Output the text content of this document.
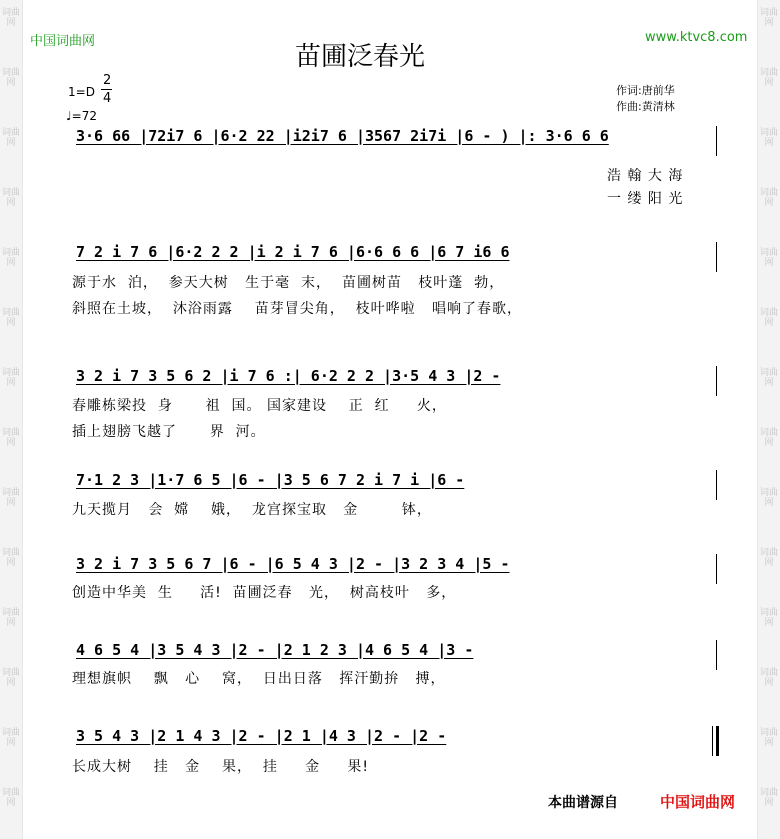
词曲网
词曲网
词曲网
词曲网
词曲网
词曲网
词曲网
词曲网
词曲网
词曲网
词曲网
词曲网
词曲网
词曲网
词曲网
词曲网
词曲网
词曲网
词曲网
词曲网
词曲网
词曲网
词曲网
词曲网
词曲网
词曲网
词曲网
词曲网
中国词曲网	www.ktvc8.com
苗圃泛春光
1=D
2
4
♩=72
作词:唐前华
作曲:黄清林
3·6 66 |72i7 6 |6·2 22 |i2i7 6 |3567 2i7i |6 - ) |: 3·6 6 6
浩 翰 大 海
一 缕 阳 光
7 2 i 7 6 |6·2 2 2 |i 2 i 7 6 |6·6 6 6 |6 7 i6 6
源于水  泊，  参天大树   生于毫  末，  苗圃树苗   枝叶蓬  勃，
斜照在土坡，  沐浴雨露    苗芽冒尖角，  枝叶哗啦   唱响了春歌，
3 2 i 7 3 5 6 2 |i 7 6 :| 6·2 2 2 |3·5 4 3 |2 -
春雕栋梁投  身      祖  国。 国家建设    正  红     火，
插上翅膀飞越了      界  河。
7·1 2 3 |1·7 6 5 |6 - |3 5 6 7 2 i 7 i |6 -
九天揽月   会  嫦    娥，  龙宫探宝取   金        钵，
3 2 i 7 3 5 6 7 |6 - |6 5 4 3 |2 - |3 2 3 4 |5 -
创造中华美  生     活!  苗圃泛春   光，  树高枝叶   多，
4 6 5 4 |3 5 4 3 |2 - |2 1 2 3 |4 6 5 4 |3 -
理想旗帜    飘   心    窝，  日出日落   挥汗勤拚   搏，
3 5 4 3 |2 1 4 3 |2 - |2 1 |4 3 |2 - |2 -
长成大树    挂   金    果，  挂     金     果!
本曲谱源自	中国词曲网
